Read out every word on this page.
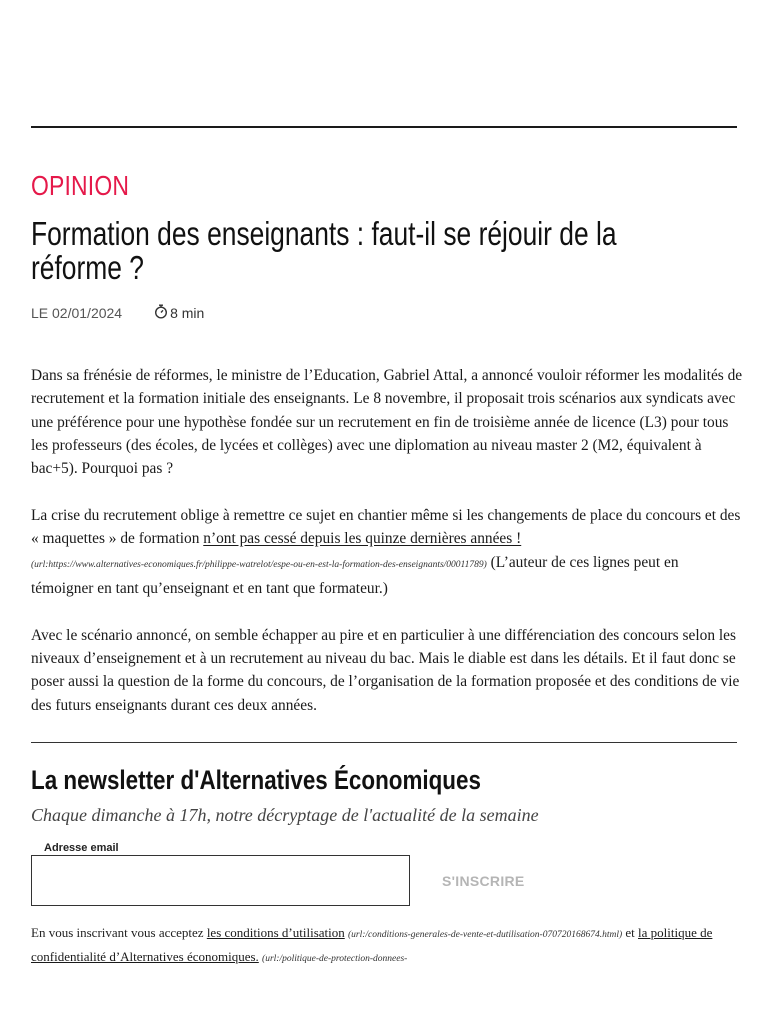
OPINION
Formation des enseignants : faut-il se réjouir de la réforme ?
LE 02/01/2024	8 min

Dans sa frénésie de réformes, le ministre de l’Education, Gabriel Attal, a annoncé vouloir réformer les modalités de recrutement et la formation initiale des enseignants. Le 8 novembre, il proposait trois scénarios aux syndicats avec une préférence pour une hypothèse fondée sur un recrutement en fin de troisième année de licence (L3) pour tous les professeurs (des écoles, de lycées et collèges) avec une diplomation au niveau master 2 (M2, équivalent à bac+5). Pourquoi pas ?

La crise du recrutement oblige à remettre ce sujet en chantier même si les changements de place du concours et des « maquettes » de formation n’ont pas cessé depuis les quinze dernières années !
(url:https://www.alternatives-economiques.fr/philippe-watrelot/espe-ou-en-est-la-formation-des-enseignants/00011789) (L’auteur de ces lignes peut en témoigner en tant qu’enseignant et en tant que formateur.)

Avec le scénario annoncé, on semble échapper au pire et en particulier à une différenciation des concours selon les niveaux d’enseignement et à un recrutement au niveau du bac. Mais le diable est dans les détails. Et il faut donc se poser aussi la question de la forme du concours, de l’organisation de la formation proposée et des conditions de vie des futurs enseignants durant ces deux années.

La newsletter d'Alternatives Économiques
Chaque dimanche à 17h, notre décryptage de l'actualité de la semaine
Adresse email
S'INSCRIRE
En vous inscrivant vous acceptez les conditions d’utilisation (url:/conditions-generales-de-vente-et-dutilisation-070720168674.html) et la politique de confidentialité d’Alternatives économiques. (url:/politique-de-protection-donnees-
